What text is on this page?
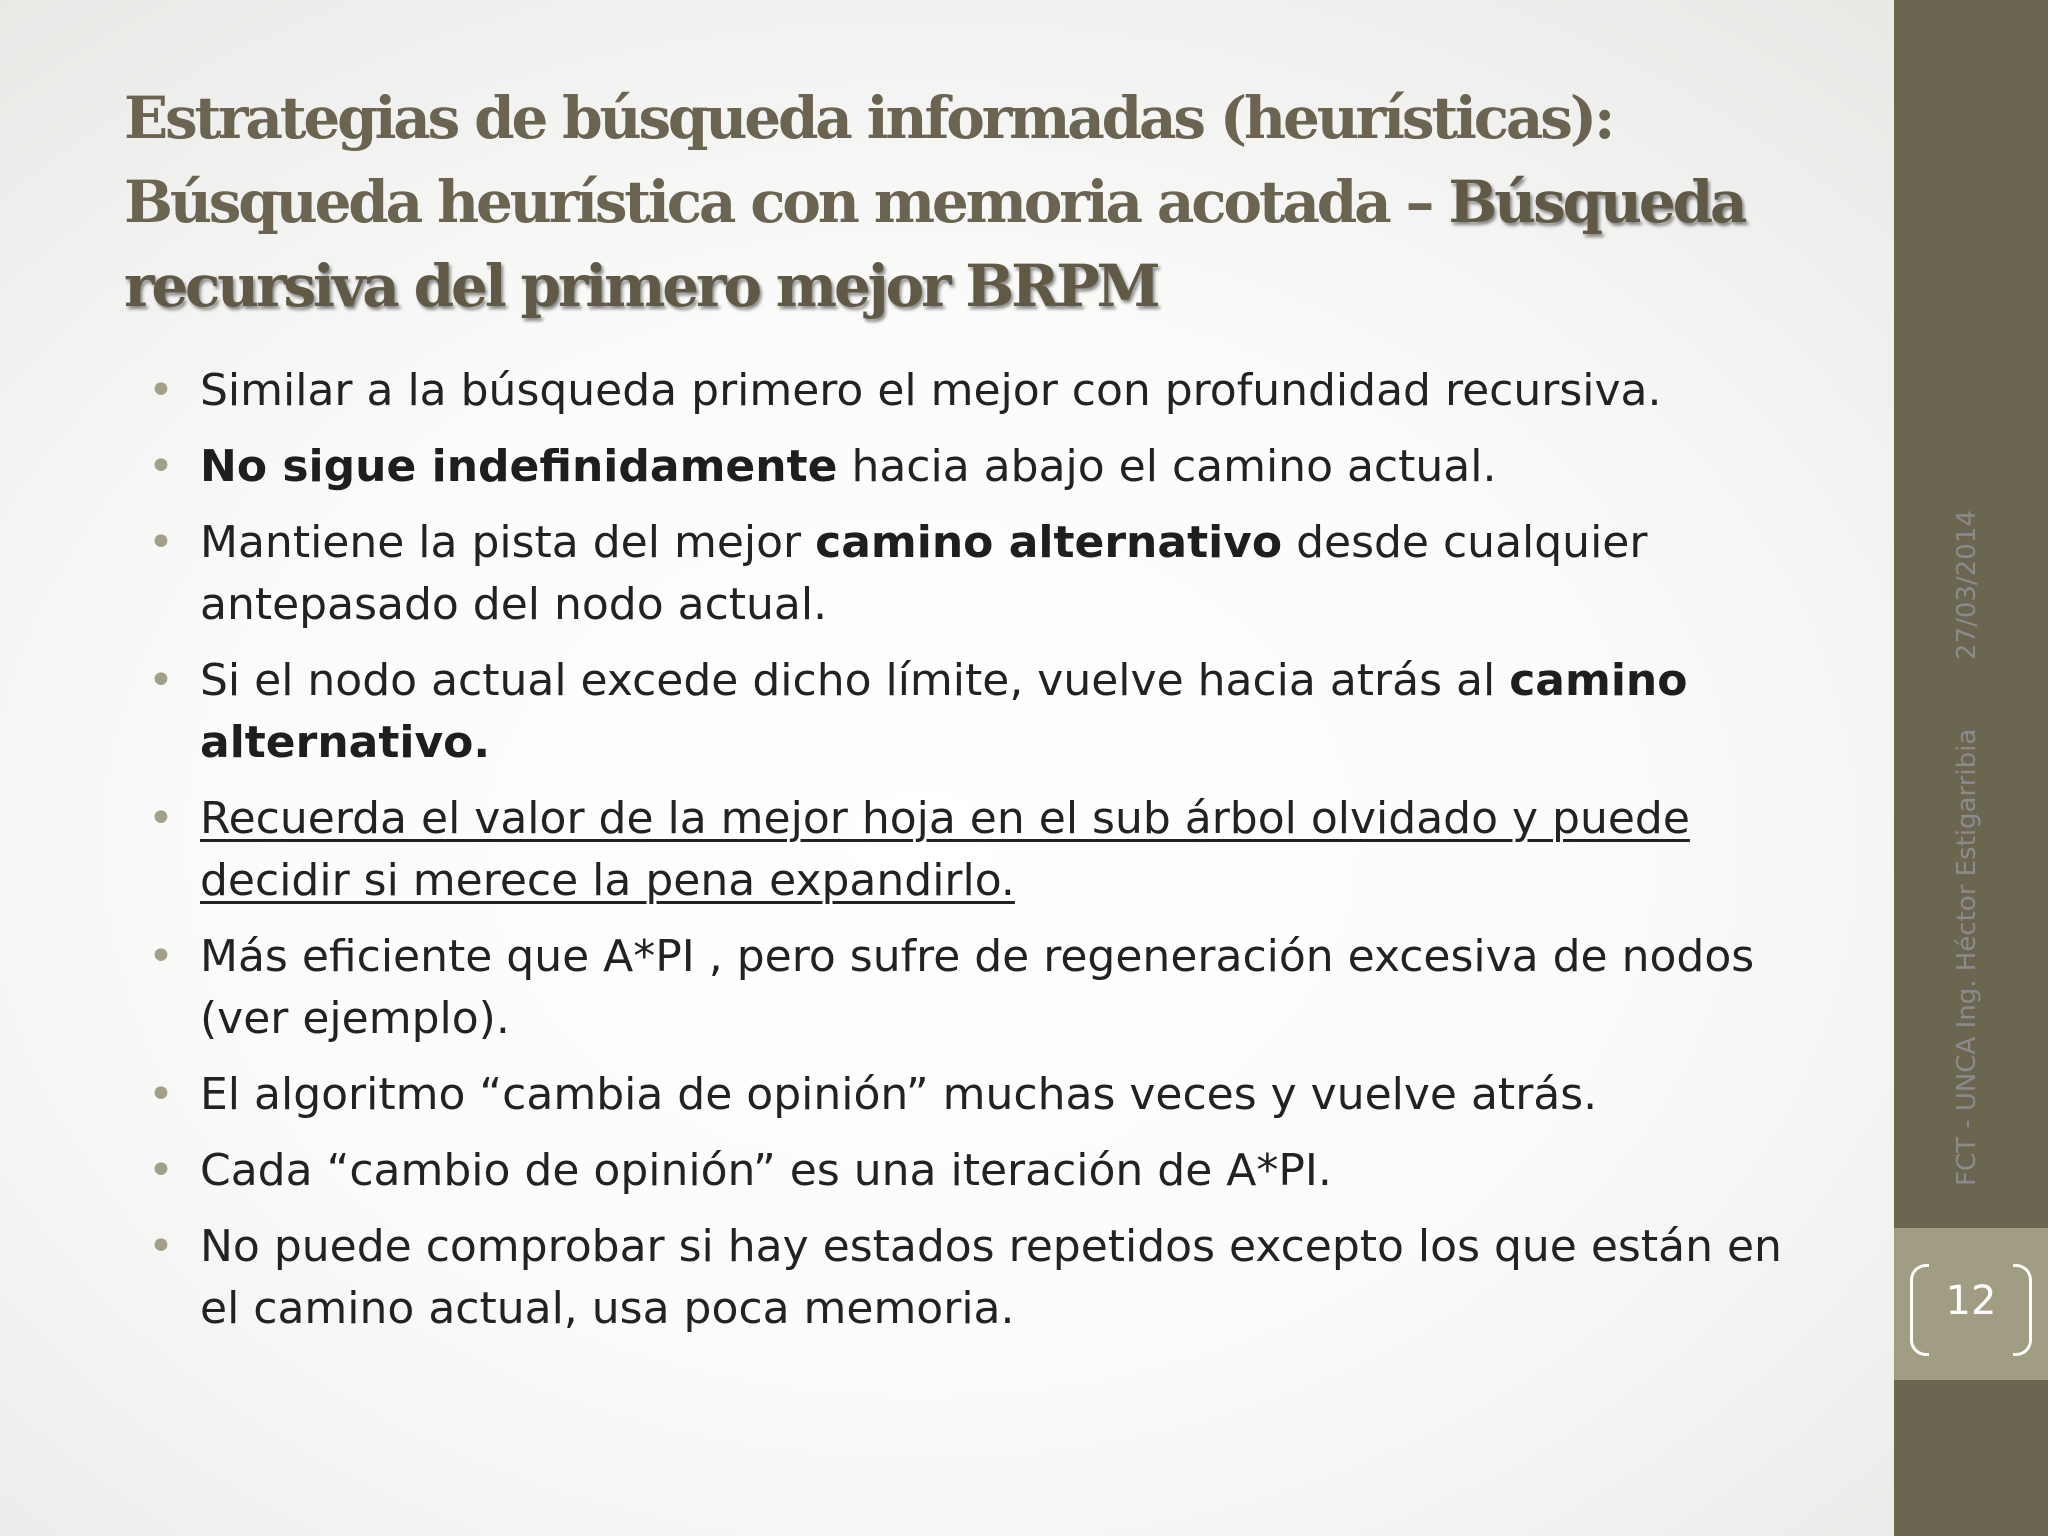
Estrategias de búsqueda informadas (heurísticas):
Búsqueda heurística con memoria acotada – Búsqueda
recursiva del primero mejor BRPM
• Similar a la búsqueda primero el mejor con profundidad recursiva.
• No sigue indefinidamente hacia abajo el camino actual.
• Mantiene la pista del mejor camino alternativo desde cualquier antepasado del nodo actual.
• Si el nodo actual excede dicho límite, vuelve hacia atrás al camino alternativo.
• Recuerda el valor de la mejor hoja en el sub árbol olvidado y puede decidir si merece la pena expandirlo.
• Más eficiente que A*PI , pero sufre de regeneración excesiva de nodos (ver ejemplo).
• El algoritmo “cambia de opinión” muchas veces y vuelve atrás.
• Cada “cambio de opinión” es una iteración de A*PI.
• No puede comprobar si hay estados repetidos excepto los que están en el camino actual, usa poca memoria.
FCT - UNCA Ing. Héctor Estigarribia
27/03/2014
12
